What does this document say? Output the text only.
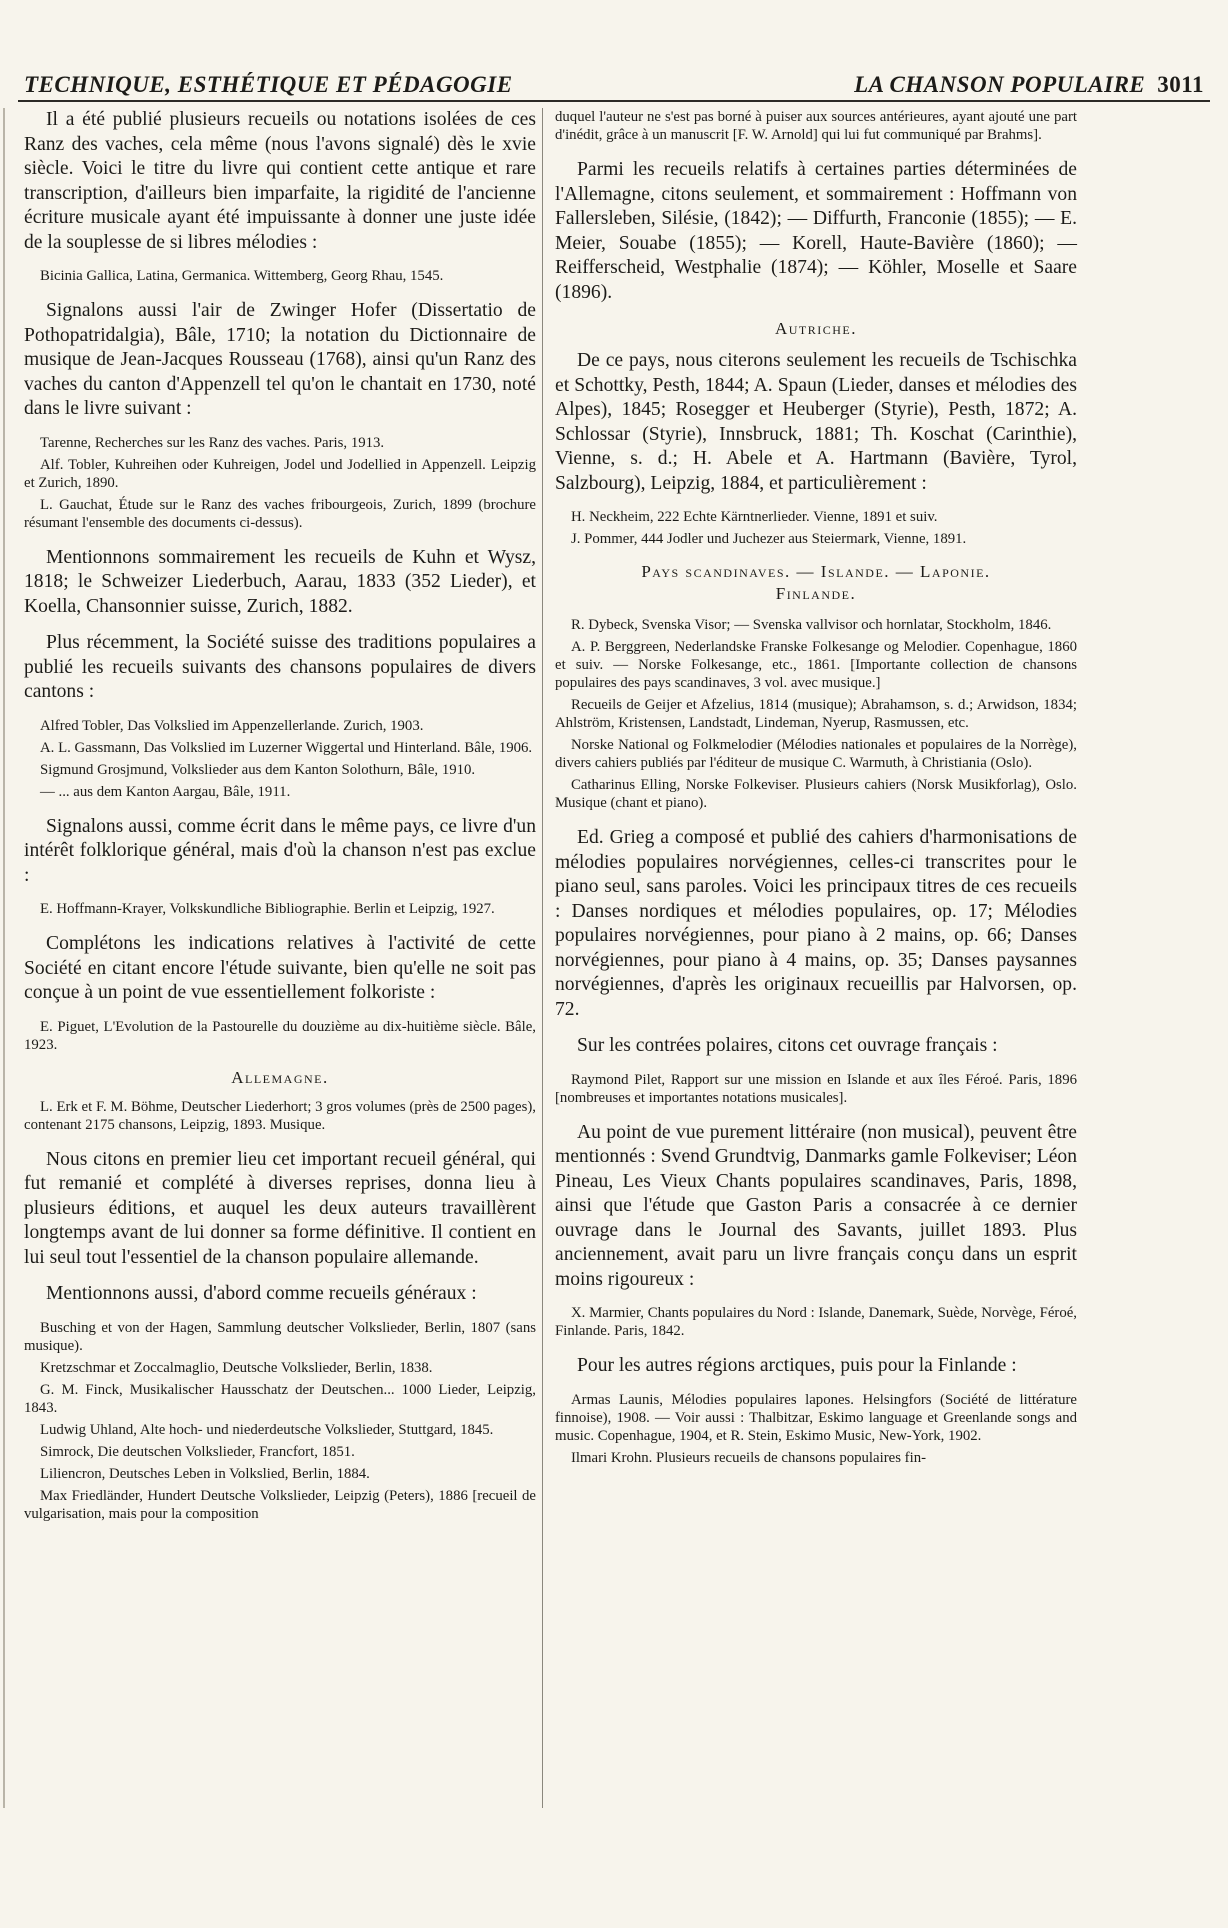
TECHNIQUE, ESTHÉTIQUE ET PÉDAGOGIE	LA CHANSON POPULAIRE 3011

Il a été publié plusieurs recueils ou notations isolées de ces Ranz des vaches, cela même (nous l'avons signalé) dès le xvie siècle. Voici le titre du livre qui contient cette antique et rare transcription, d'ailleurs bien imparfaite, la rigidité de l'ancienne écriture musicale ayant été impuissante à donner une juste idée de la souplesse de si libres mélodies :

Bicinia Gallica, Latina, Germanica. Wittemberg, Georg Rhau, 1545.

Signalons aussi l'air de Zwinger Hofer (Dissertatio de Pothopatridalgia), Bâle, 1710; la notation du Dictionnaire de musique de Jean-Jacques Rousseau (1768), ainsi qu'un Ranz des vaches du canton d'Appenzell tel qu'on le chantait en 1730, noté dans le livre suivant :

Tarenne, Recherches sur les Ranz des vaches. Paris, 1913.

Alf. Tobler, Kuhreihen oder Kuhreigen, Jodel und Jodellied in Appenzell. Leipzig et Zurich, 1890.

L. Gauchat, Étude sur le Ranz des vaches fribourgeois, Zurich, 1899 (brochure résumant l'ensemble des documents ci-dessus).

Mentionnons sommairement les recueils de Kuhn et Wysz, 1818; le Schweizer Liederbuch, Aarau, 1833 (352 Lieder), et Koella, Chansonnier suisse, Zurich, 1882.

Plus récemment, la Société suisse des traditions populaires a publié les recueils suivants des chansons populaires de divers cantons :

Alfred Tobler, Das Volkslied im Appenzellerlande. Zurich, 1903.

A. L. Gassmann, Das Volkslied im Luzerner Wiggertal und Hinterland. Bâle, 1906.

Sigmund Grosjmund, Volkslieder aus dem Kanton Solothurn, Bâle, 1910.

— ... aus dem Kanton Aargau, Bâle, 1911.

Signalons aussi, comme écrit dans le même pays, ce livre d'un intérêt folklorique général, mais d'où la chanson n'est pas exclue :

E. Hoffmann-Krayer, Volkskundliche Bibliographie. Berlin et Leipzig, 1927.

Complétons les indications relatives à l'activité de cette Société en citant encore l'étude suivante, bien qu'elle ne soit pas conçue à un point de vue essentiellement folkoriste :

E. Piguet, L'Evolution de la Pastourelle du douzième au dix-huitième siècle. Bâle, 1923.

Allemagne.

L. Erk et F. M. Böhme, Deutscher Liederhort; 3 gros volumes (près de 2500 pages), contenant 2175 chansons, Leipzig, 1893. Musique.

Nous citons en premier lieu cet important recueil général, qui fut remanié et complété à diverses reprises, donna lieu à plusieurs éditions, et auquel les deux auteurs travaillèrent longtemps avant de lui donner sa forme définitive. Il contient en lui seul tout l'essentiel de la chanson populaire allemande.

Mentionnons aussi, d'abord comme recueils généraux :

Busching et von der Hagen, Sammlung deutscher Volkslieder, Berlin, 1807 (sans musique).

Kretzschmar et Zoccalmaglio, Deutsche Volkslieder, Berlin, 1838.

G. M. Finck, Musikalischer Hausschatz der Deutschen... 1000 Lieder, Leipzig, 1843.

Ludwig Uhland, Alte hoch- und niederdeutsche Volkslieder, Stuttgard, 1845.

Simrock, Die deutschen Volkslieder, Francfort, 1851.

Liliencron, Deutsches Leben in Volkslied, Berlin, 1884.

Max Friedländer, Hundert Deutsche Volkslieder, Leipzig (Peters), 1886 [recueil de vulgarisation, mais pour la composition

duquel l'auteur ne s'est pas borné à puiser aux sources antérieures, ayant ajouté une part d'inédit, grâce à un manuscrit [F. W. Arnold] qui lui fut communiqué par Brahms].

Parmi les recueils relatifs à certaines parties déterminées de l'Allemagne, citons seulement, et sommairement : Hoffmann von Fallersleben, Silésie, (1842); — Diffurth, Franconie (1855); — E. Meier, Souabe (1855); — Korell, Haute-Bavière (1860); — Reifferscheid, Westphalie (1874); — Köhler, Moselle et Saare (1896).

Autriche.

De ce pays, nous citerons seulement les recueils de Tschischka et Schottky, Pesth, 1844; A. Spaun (Lieder, danses et mélodies des Alpes), 1845; Rosegger et Heuberger (Styrie), Pesth, 1872; A. Schlossar (Styrie), Innsbruck, 1881; Th. Koschat (Carinthie), Vienne, s. d.; H. Abele et A. Hartmann (Bavière, Tyrol, Salzbourg), Leipzig, 1884, et particulièrement :

H. Neckheim, 222 Echte Kärntnerlieder. Vienne, 1891 et suiv.

J. Pommer, 444 Jodler und Juchezer aus Steiermark, Vienne, 1891.

Pays scandinaves. — Islande. — Laponie.
Finlande.

R. Dybeck, Svenska Visor; — Svenska vallvisor och hornlatar, Stockholm, 1846.

A. P. Berggreen, Nederlandske Franske Folkesange og Melodier. Copenhague, 1860 et suiv. — Norske Folkesange, etc., 1861. [Importante collection de chansons populaires des pays scandinaves, 3 vol. avec musique.]

Recueils de Geijer et Afzelius, 1814 (musique); Abrahamson, s. d.; Arwidson, 1834; Ahlström, Kristensen, Landstadt, Lindeman, Nyerup, Rasmussen, etc.

Norske National og Folkmelodier (Mélodies nationales et populaires de la Norrège), divers cahiers publiés par l'éditeur de musique C. Warmuth, à Christiania (Oslo).

Catharinus Elling, Norske Folkeviser. Plusieurs cahiers (Norsk Musikforlag), Oslo. Musique (chant et piano).

Ed. Grieg a composé et publié des cahiers d'harmonisations de mélodies populaires norvégiennes, celles-ci transcrites pour le piano seul, sans paroles. Voici les principaux titres de ces recueils : Danses nordiques et mélodies populaires, op. 17; Mélodies populaires norvégiennes, pour piano à 2 mains, op. 66; Danses norvégiennes, pour piano à 4 mains, op. 35; Danses paysannes norvégiennes, d'après les originaux recueillis par Halvorsen, op. 72.

Sur les contrées polaires, citons cet ouvrage français :

Raymond Pilet, Rapport sur une mission en Islande et aux îles Féroé. Paris, 1896 [nombreuses et importantes notations musicales].

Au point de vue purement littéraire (non musical), peuvent être mentionnés : Svend Grundtvig, Danmarks gamle Folkeviser; Léon Pineau, Les Vieux Chants populaires scandinaves, Paris, 1898, ainsi que l'étude que Gaston Paris a consacrée à ce dernier ouvrage dans le Journal des Savants, juillet 1893. Plus anciennement, avait paru un livre français conçu dans un esprit moins rigoureux :

X. Marmier, Chants populaires du Nord : Islande, Danemark, Suède, Norvège, Féroé, Finlande. Paris, 1842.

Pour les autres régions arctiques, puis pour la Finlande :

Armas Launis, Mélodies populaires lapones. Helsingfors (Société de littérature finnoise), 1908. — Voir aussi : Thalbitzar, Eskimo language et Greenlande songs and music. Copenhague, 1904, et R. Stein, Eskimo Music, New-York, 1902.

Ilmari Krohn. Plusieurs recueils de chansons populaires fin-
